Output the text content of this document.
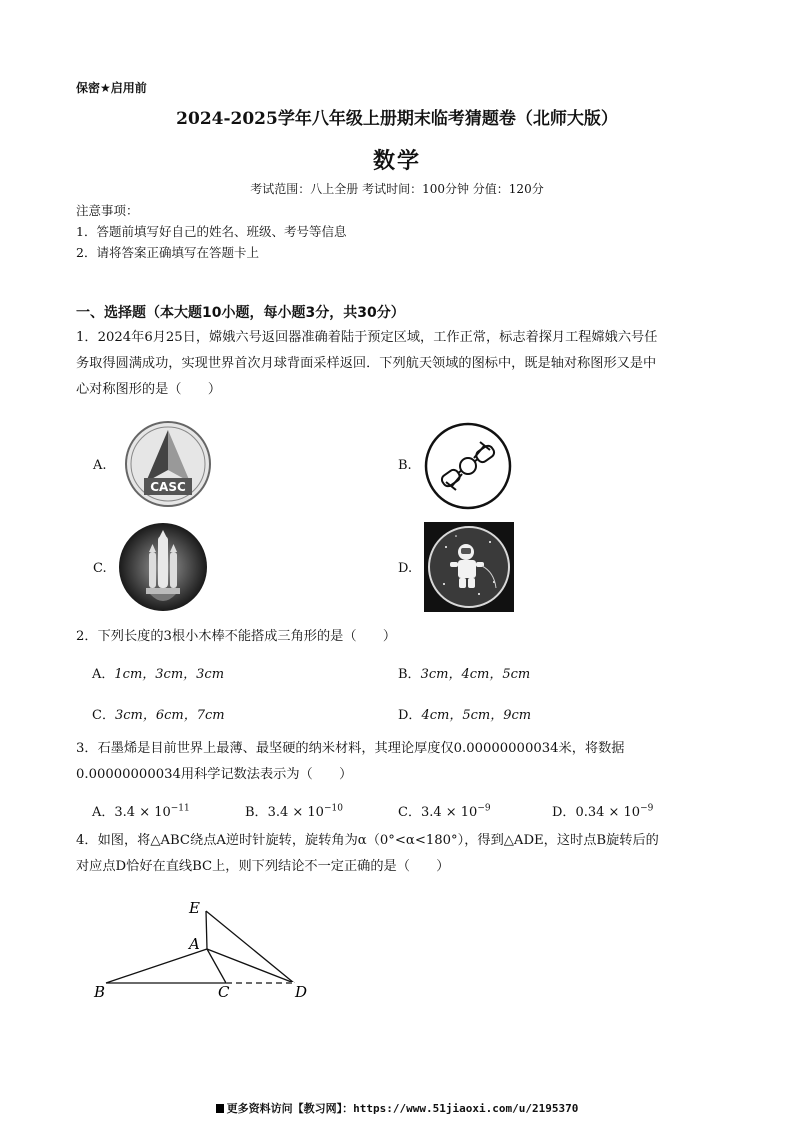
保密★启用前
2024-2025学年八年级上册期末临考猜题卷（北师大版）
数学
考试范围：八上全册 考试时间：100分钟 分值：120分
注意事项：
1．答题前填写好自己的姓名、班级、考号等信息
2．请将答案正确填写在答题卡上
一、选择题（本大题10小题，每小题3分，共30分）
1．2024年6月25日，嫦娥六号返回器准确着陆于预定区域，工作正常，标志着探月工程嫦娥六号任
务取得圆满成功，实现世界首次月球背面采样返回．下列航天领域的图标中，既是轴对称图形又是中
心对称图形的是（　　）
A.
CASC
B.
C.	D.
2．下列长度的3根小木棒不能搭成三角形的是（　　）
A．1cm，3cm，3cm	B．3cm，4cm，5cm
C．3cm，6cm，7cm	D．4cm，5cm，9cm
3．石墨烯是目前世界上最薄、最坚硬的纳米材料，其理论厚度仅0.00000000034米，将数据
0.00000000034用科学记数法表示为（　　）
A．$3.4 \times 10^{-11}$	B．$3.4 \times 10^{-10}$	C．$3.4 \times 10^{-9}$	D．$0.34 \times 10^{-9}$
4．如图，将△ABC绕点A逆时针旋转，旋转角为α（0°<α<180°），得到△ADE，这时点B旋转后的
对应点D恰好在直线BC上，则下列结论不一定正确的是（　　）
E
A
B	C	D
更多资料访问【教习网】：https://www.51jiaoxi.com/u/2195370
